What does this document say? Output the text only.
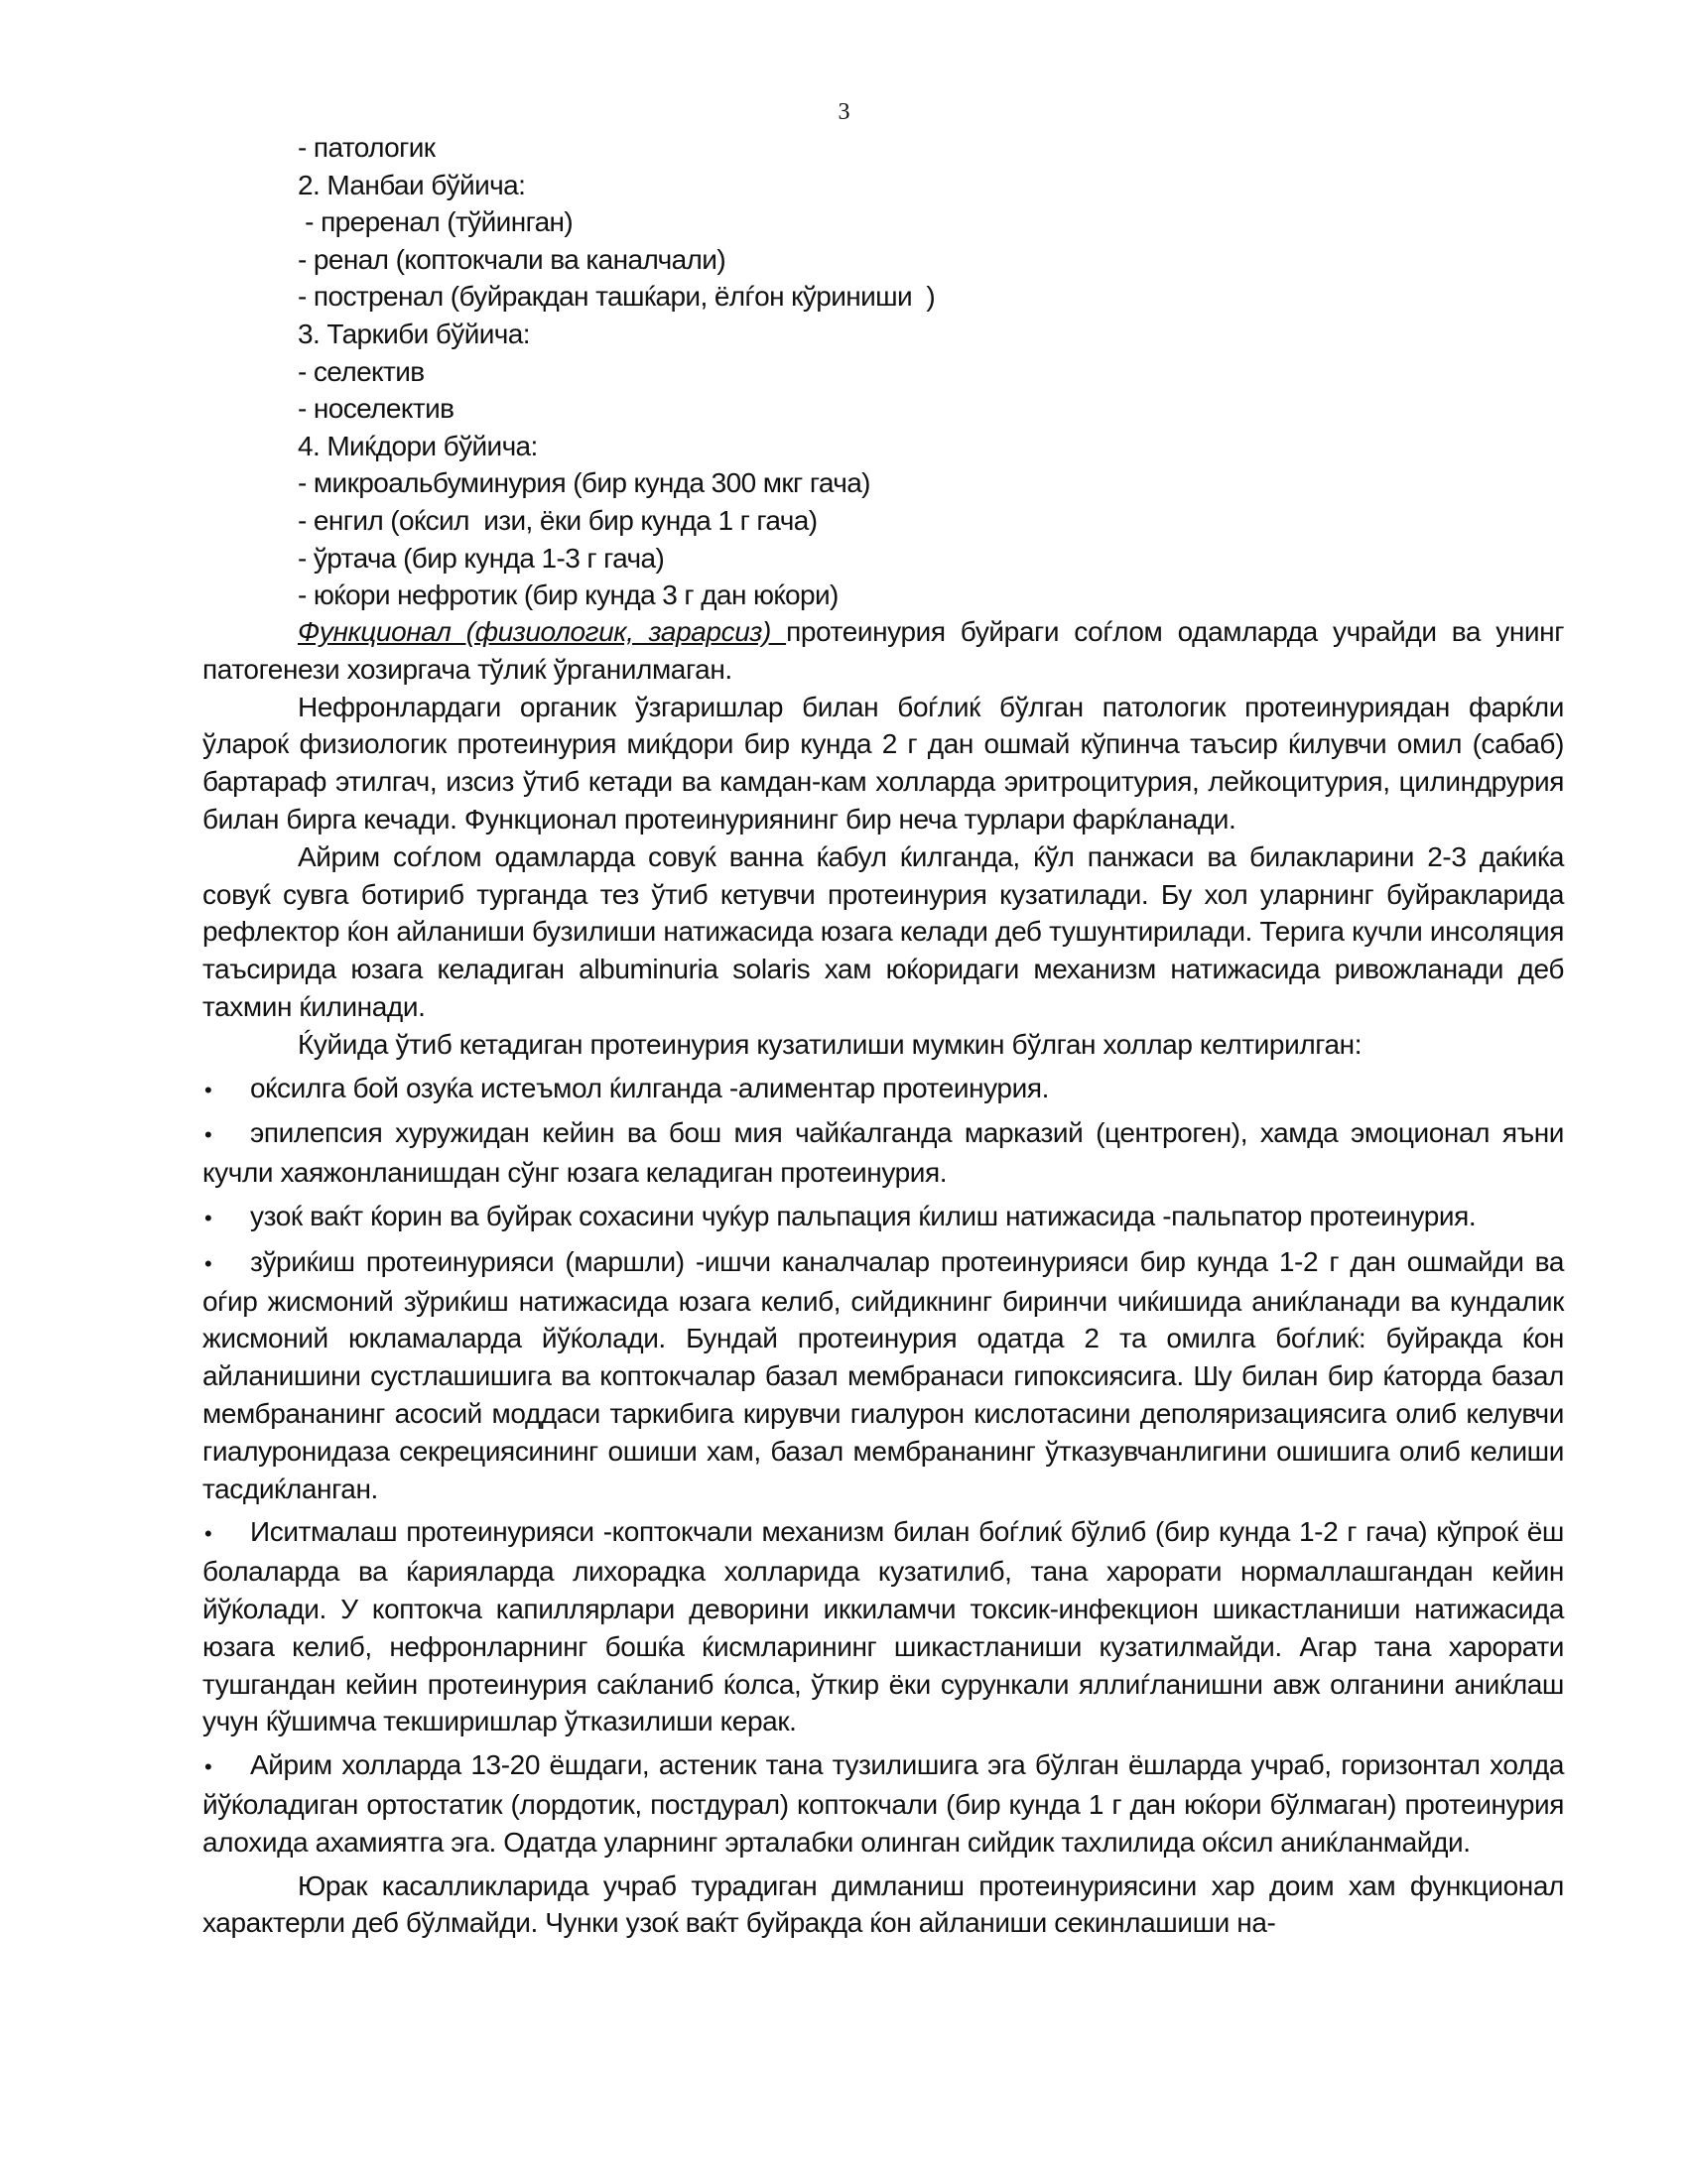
3
- патологик
2. Манбаи бўйича:
- преренал (тўйинган)
- ренал (коптокчали ва каналчали)
- постренал (буйракдан ташќари, ёлѓон кўриниши  )
3. Таркиби бўйича:
- селектив
- носелектив
4. Миќдори бўйича:
- микроальбуминурия (бир кунда 300 мкг гача)
- енгил (оќсил  изи, ёки бир кунда 1 г гача)
- ўртача (бир кунда 1-3 г гача)
- юќори нефротик (бир кунда 3 г дан юќори)

Функционал (физиологик, зарарсиз) протеинурия буйраги соѓлом одамларда учрайди ва унинг патогенези хозиргача тўлиќ ўрганилмаган.

Нефронлардаги органик ўзгаришлар билан боѓлиќ бўлган патологик протеинуриядан фарќли ўлароќ физиологик протеинурия миќдори бир кунда 2 г дан ошмай кўпинча таъсир ќилувчи омил (сабаб) бартараф этилгач, изсиз ўтиб кетади ва камдан-кам холларда эритроцитурия, лейкоцитурия, цилиндрурия билан бирга кечади. Функционал протеинуриянинг бир неча турлари фарќланади.

Айрим соѓлом одамларда совуќ ванна ќабул ќилганда, ќўл панжаси ва билакларини 2-3 даќиќа совуќ сувга ботириб турганда тез ўтиб кетувчи протеинурия кузатилади. Бу хол уларнинг буйракларида рефлектор ќон айланиши бузилиши натижасида юзага келади деб тушунтирилади. Терига кучли инсоляция таъсирида юзага келадиган albuminuria solaris хам юќоридаги механизм натижасида ривожланади деб тахмин ќилинади.

Ќуйида ўтиб кетадиган протеинурия кузатилиши мумкин бўлган холлар келтирилган:

•оќсилга бой озуќа истеъмол ќилганда -алиментар протеинурия.
•эпилепсия хуружидан кейин ва бош мия чайќалганда марказий (центроген), хамда эмоционал яъни кучли хаяжонланишдан сўнг юзага келадиган протеинурия.
•узоќ ваќт ќорин ва буйрак сохасини чуќур пальпация ќилиш натижасида -пальпатор протеинурия.
•зўриќиш протеинурияси (маршли) -ишчи каналчалар протеинурияси бир кунда 1-2 г дан ошмайди ва оѓир жисмоний зўриќиш натижасида юзага келиб, сийдикнинг биринчи чиќишида аниќланади ва кундалик жисмоний юкламаларда йўќолади. Бундай протеинурия одатда 2 та омилга боѓлиќ: буйракда ќон айланишини сустлашишига ва коптокчалар базал мембранаси гипоксиясига. Шу билан бир ќаторда базал мембрананинг асосий моддаси таркибига кирувчи гиалурон кислотасини деполяризациясига олиб келувчи гиалуронидаза секрециясининг ошиши хам, базал мембрананинг ўтказувчанлигини ошишига олиб келиши тасдиќланган.
•Иситмалаш протеинурияси -коптокчали механизм билан боѓлиќ бўлиб (бир кунда 1-2 г гача) кўпроќ ёш болаларда ва ќарияларда лихорадка холларида кузатилиб, тана харорати нормаллашгандан кейин йўќолади. У коптокча капиллярлари деворини иккиламчи токсик-инфекцион шикастланиши натижасида юзага келиб, нефронларнинг бошќа ќисмларининг шикастланиши кузатилмайди. Агар тана харорати тушгандан кейин протеинурия саќланиб ќолса, ўткир ёки сурункали яллиѓланишни авж олганини аниќлаш учун ќўшимча текширишлар ўтказилиши керак.
•Айрим холларда 13-20 ёшдаги, астеник тана тузилишига эга бўлган ёшларда учраб, горизонтал холда йўќоладиган ортостатик (лордотик, постдурал) коптокчали (бир кунда 1 г дан юќори бўлмаган) протеинурия алохида ахамиятга эга. Одатда уларнинг эрталабки олинган сийдик тахлилида оќсил аниќланмайди.

Юрак касалликларида учраб турадиган димланиш протеинуриясини хар доим хам функционал характерли деб бўлмайди. Чунки узоќ ваќт буйракда ќон айланиши секинлашиши на-
